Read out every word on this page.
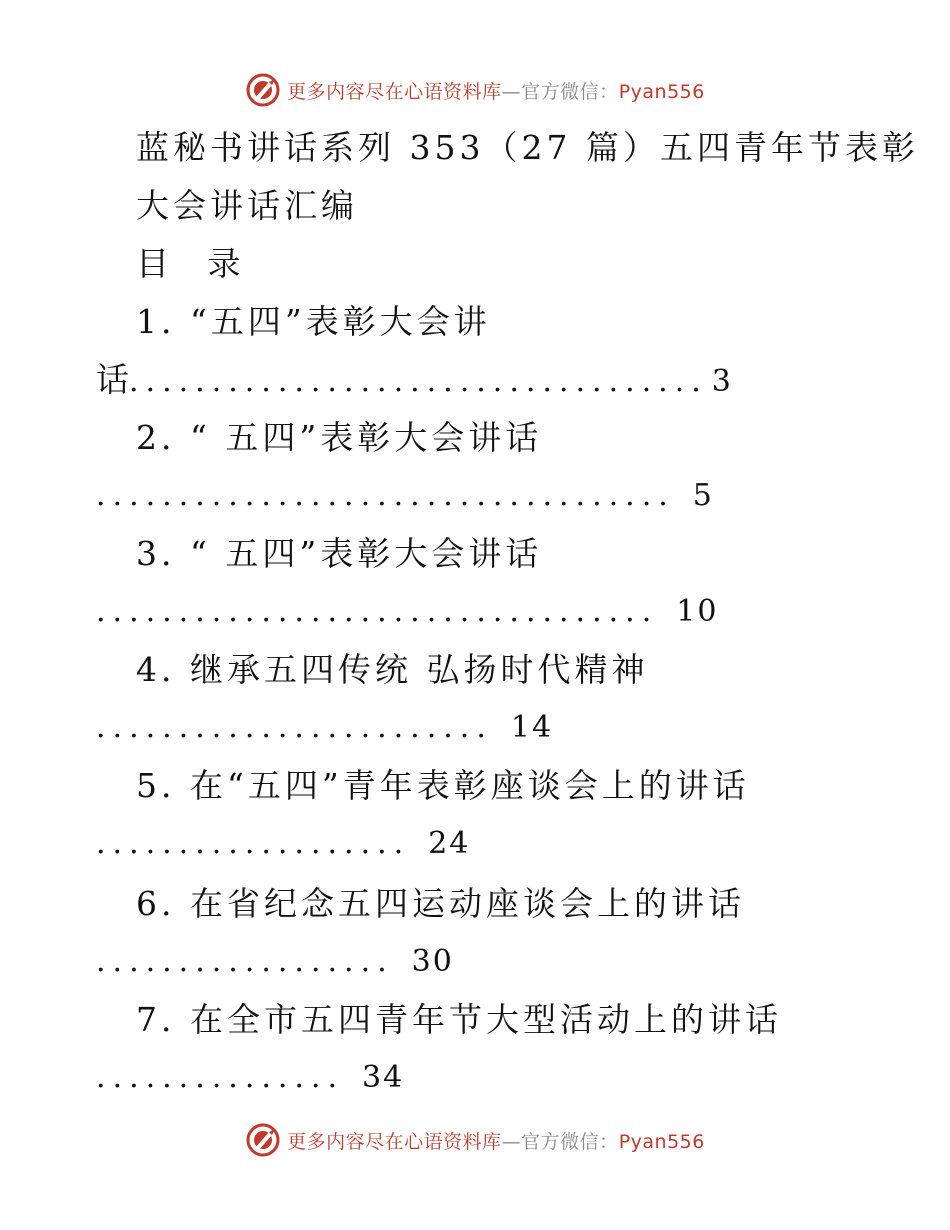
更多内容尽在心语资料库—官方微信：Pyan556
蓝秘书讲话系列 353（27 篇）五四青年节表彰
大会讲话汇编
目 录
1. “五四”表彰大会讲
话................................... 3
2. “ 五四”表彰大会讲话
................................... 5
3. “ 五四”表彰大会讲话
.................................. 10
4. 继承五四传统 弘扬时代精神
........................ 14
5. 在“五四”青年表彰座谈会上的讲话
................... 24
6. 在省纪念五四运动座谈会上的讲话
.................. 30
7. 在全市五四青年节大型活动上的讲话
............... 34
更多内容尽在心语资料库—官方微信：Pyan556
